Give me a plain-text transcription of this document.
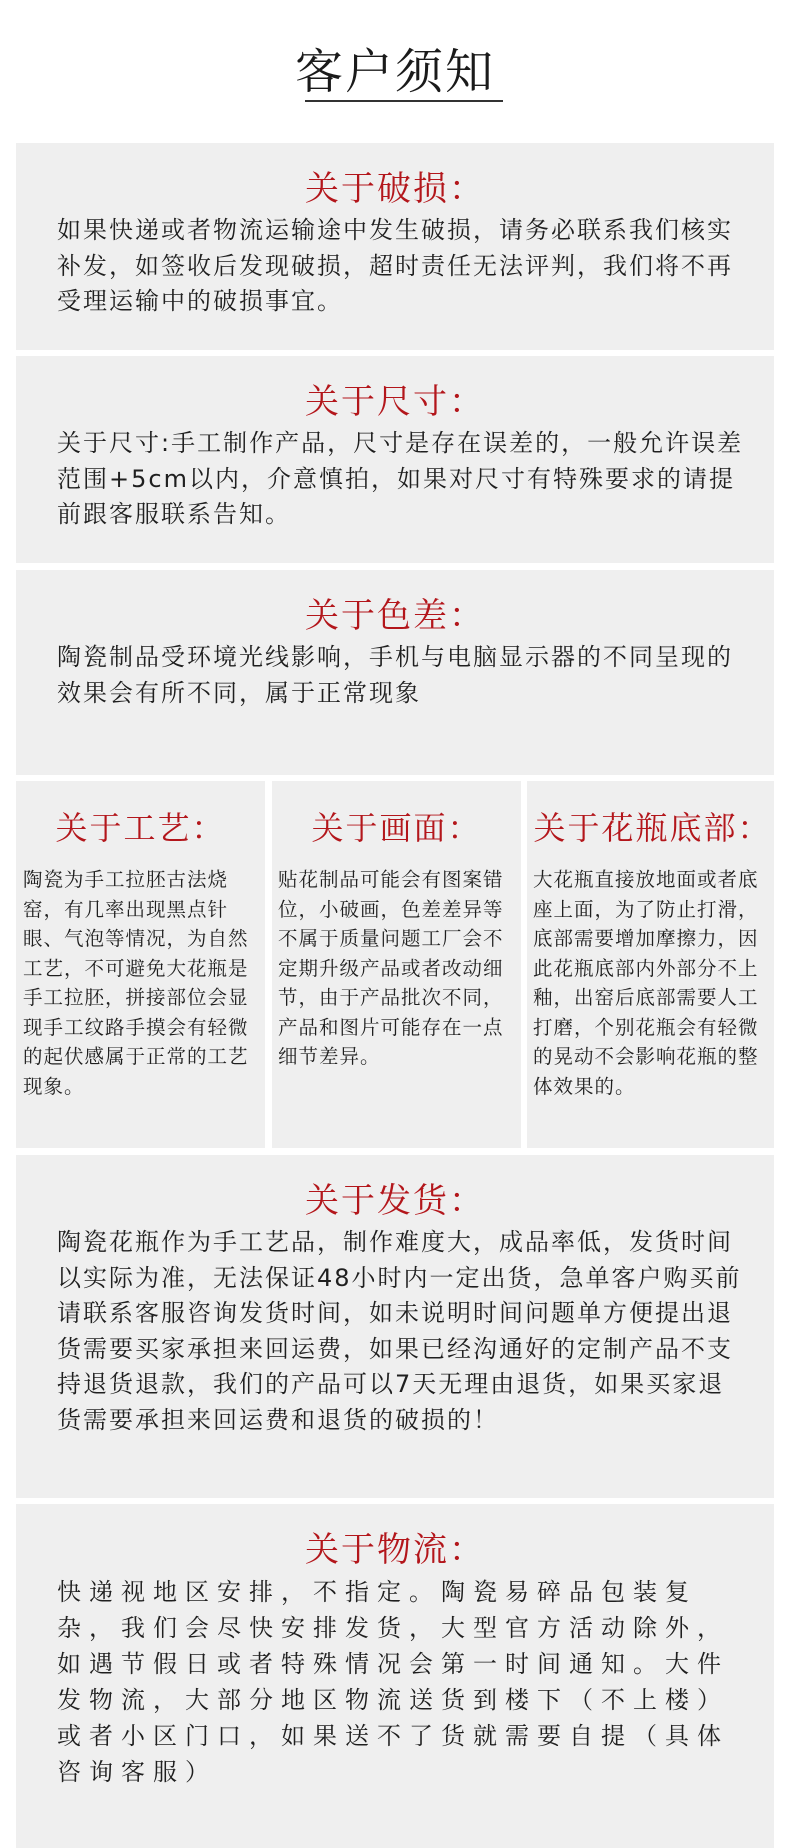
客户须知
关于破损：

如果快递或者物流运输途中发生破损，请务必联系我们核实补发，如签收后发现破损，超时责任无法评判，我们将不再受理运输中的破损事宜。

关于尺寸：

关于尺寸:手工制作产品，尺寸是存在误差的，一般允许误差范围+5cm以内，介意慎拍，如果对尺寸有特殊要求的请提前跟客服联系告知。

关于色差：

陶瓷制品受环境光线影响，手机与电脑显示器的不同呈现的效果会有所不同，属于正常现象

关于工艺：

陶瓷为手工拉胚古法烧窑，有几率出现黑点针眼、气泡等情况，为自然工艺，不可避免大花瓶是手工拉胚，拼接部位会显现手工纹路手摸会有轻微的起伏感属于正常的工艺现象。

关于画面：

贴花制品可能会有图案错位，小破画，色差差异等不属于质量问题工厂会不定期升级产品或者改动细节，由于产品批次不同，产品和图片可能存在一点细节差异。

关于花瓶底部：

大花瓶直接放地面或者底座上面，为了防止打滑，底部需要增加摩擦力，因此花瓶底部内外部分不上釉，出窑后底部需要人工打磨，个别花瓶会有轻微的晃动不会影响花瓶的整体效果的。

关于发货：

陶瓷花瓶作为手工艺品，制作难度大，成品率低，发货时间以实际为准，无法保证48小时内一定出货，急单客户购买前请联系客服咨询发货时间，如未说明时间问题单方便提出退货需要买家承担来回运费，如果已经沟通好的定制产品不支持退货退款，我们的产品可以7天无理由退货，如果买家退货需要承担来回运费和退货的破损的！

关于物流：

快递视地区安排，不指定。陶瓷易碎品包装复杂，我们会尽快安排发货，大型官方活动除外，如遇节假日或者特殊情况会第一时间通知。大件发物流，大部分地区物流送货到楼下（不上楼）或者小区门口，如果送不了货就需要自提（具体咨询客服）
